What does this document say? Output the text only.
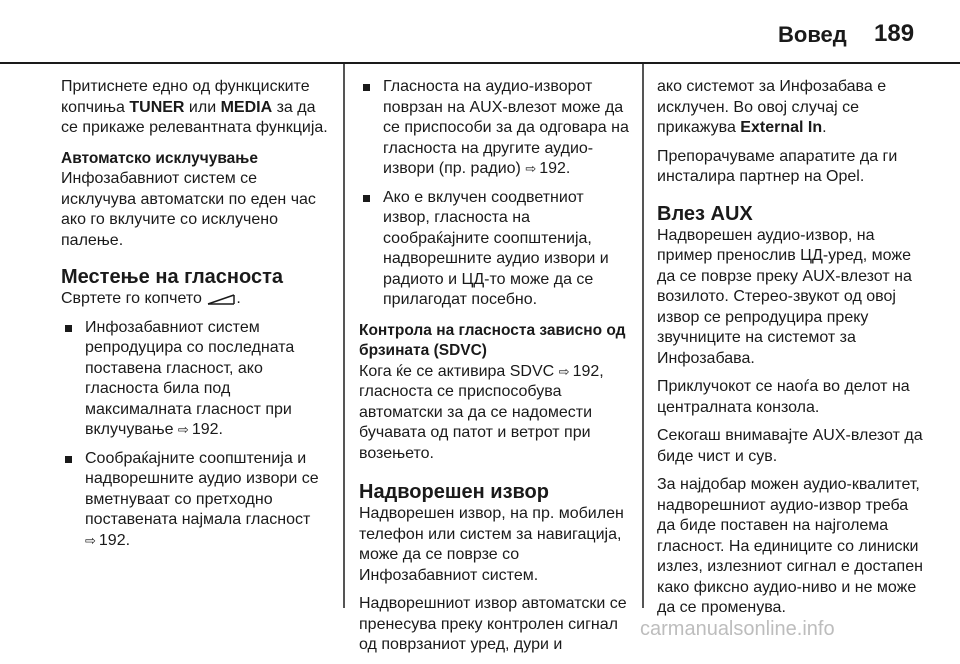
Вовед 189

Притиснете едно од функциските копчиња TUNER или MEDIA за да се прикаже релевантната функција.

Автоматско исклучување

Инфозабавниот систем се исклучува автоматски по еден час ако го вклучите со исклучено палење.

Местење на гласноста

Свртете го копчето .

Инфозабавниот систем репродуцира со последната поставена гласност, ако гласноста била под максималната гласност при вклучување ⇨ 192.
Сообраќајните соопштенија и надворешните аудио извори се вметнуваат со претходно поставената најмала гласност
⇨ 192.
Гласноста на аудио-изворот поврзан на AUX-влезот може да се приспособи за да одговара на гласноста на другите аудио-извори (пр. радио) ⇨ 192.
Ако е вклучен соодветниот извор, гласноста на сообраќајните соопштенија, надворешните аудио извори и радиото и ЦД-то може да се прилагодат посебно.
Контрола на гласноста зависно од брзината (SDVC)

Кога ќе се активира SDVC ⇨ 192, гласноста се приспособува автоматски за да се надомести бучавата од патот и ветрот при возењето.

Надворешен извор

Надворешен извор, на пр. мобилен телефон или систем за навигација, може да се поврзе со Инфозабавниот систем.

Надворешниот извор автоматски се пренесува преку контролен сигнал од поврзаниот уред, дури и

ако системот за Инфозабава е исклучен. Во овој случај се прикажува External In.

Препорачуваме апаратите да ги инсталира партнер на Opel.

Влез AUX

Надворешен аудио-извор, на пример пренослив ЦД-уред, може да се поврзе преку AUX-влезот на возилото. Стерео-звукот од овој извор се репродуцира преку звучниците на системот за Инфозабава.

Приклучокот се наоѓа во делот на централната конзола.

Секогаш внимавајте AUX-влезот да биде чист и сув.

За најдобар можен аудио-квалитет, надворешниот аудио-извор треба да биде поставен на најголема гласност. На единиците со линиски излез, излезниот сигнал е достапен како фиксно аудио-ниво и не може да се променува.

carmanualsonline.info
